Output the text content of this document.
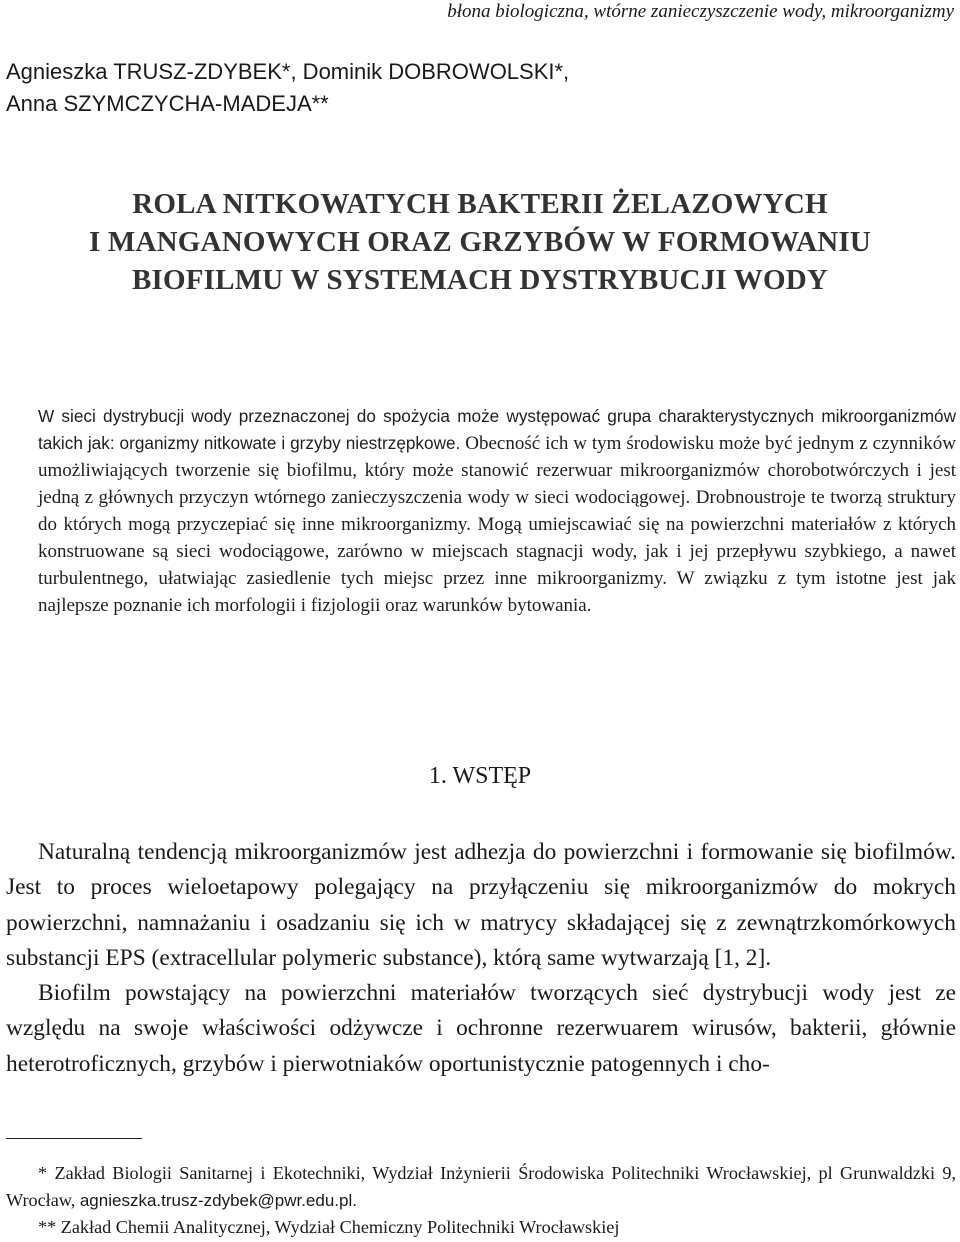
błona biologiczna, wtórne zanieczyszczenie wody, mikroorganizmy
Agnieszka TRUSZ-ZDYBEK*, Dominik DOBROWOLSKI*,
Anna SZYMCZYCHA-MADEJA**
ROLA NITKOWATYCH BAKTERII ŻELAZOWYCH
I MANGANOWYCH ORAZ GRZYBÓW W FORMOWANIU
BIOFILMU W SYSTEMACH DYSTRYBUCJI WODY
W sieci dystrybucji wody przeznaczonej do spożycia może występować grupa charakterystycznych mikroorganizmów takich jak: organizmy nitkowate i grzyby niestrzępkowe. Obecność ich w tym środowisku może być jednym z czynników umożliwiających tworzenie się biofilmu, który może stanowić rezerwuar mikroorganizmów chorobotwórczych i jest jedną z głównych przyczyn wtórnego zanieczyszczenia wody w sieci wodociągowej. Drobnoustroje te tworzą struktury do których mogą przyczepiać się inne mikroorganizmy. Mogą umiejscawiać się na powierzchni materiałów z których konstruowane są sieci wodociągowe, zarówno w miejscach stagnacji wody, jak i jej przepływu szybkiego, a nawet turbulentnego, ułatwiając zasiedlenie tych miejsc przez inne mikroorganizmy. W związku z tym istotne jest jak najlepsze poznanie ich morfologii i fizjologii oraz warunków bytowania.
1. WSTĘP

Naturalną tendencją mikroorganizmów jest adhezja do powierzchni i formowanie się biofilmów. Jest to proces wieloetapowy polegający na przyłączeniu się mikroorganizmów do mokrych powierzchni, namnażaniu i osadzaniu się ich w matrycy składającej się z zewnątrzkomórkowych substancji EPS (extracellular polymeric substance), którą same wytwarzają [1, 2].

Biofilm powstający na powierzchni materiałów tworzących sieć dystrybucji wody jest ze względu na swoje właściwości odżywcze i ochronne rezerwuarem wirusów, bakterii, głównie heterotroficznych, grzybów i pierwotniaków oportunistycznie patogennych i cho-

* Zakład Biologii Sanitarnej i Ekotechniki, Wydział Inżynierii Środowiska Politechniki Wrocławskiej, pl Grunwaldzki 9, Wrocław, agnieszka.trusz-zdybek@pwr.edu.pl.

** Zakład Chemii Analitycznej, Wydział Chemiczny Politechniki Wrocławskiej
